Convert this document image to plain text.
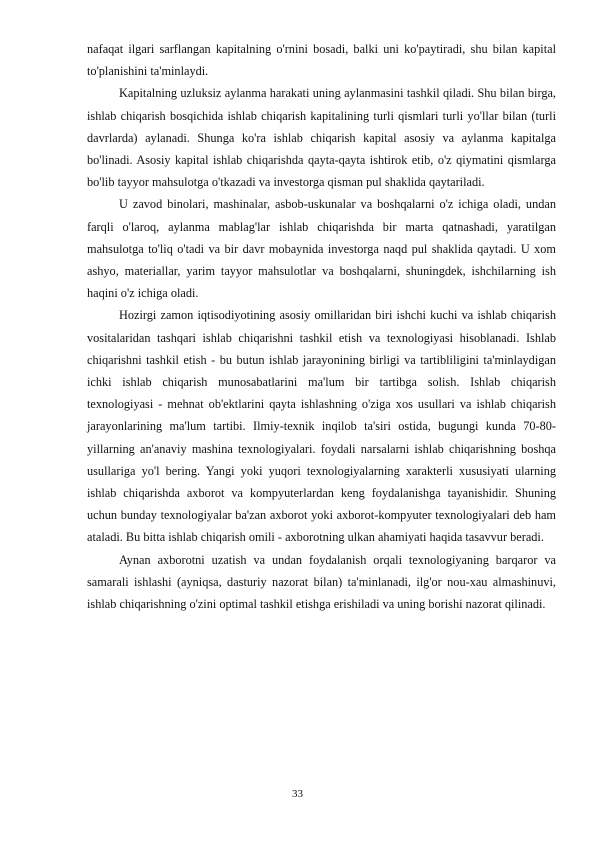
nafaqat ilgari sarflangan kapitalning o'rnini bosadi, balki uni ko'paytiradi, shu bilan kapital to'planishini ta'minlaydi.

Kapitalning uzluksiz aylanma harakati uning aylanmasini tashkil qiladi. Shu bilan birga, ishlab chiqarish bosqichida ishlab chiqarish kapitalining turli qismlari turli yo'llar bilan (turli davrlarda) aylanadi. Shunga ko'ra ishlab chiqarish kapital asosiy va aylanma kapitalga bo'linadi. Asosiy kapital ishlab chiqarishda qayta-qayta ishtirok etib, o'z qiymatini qismlarga bo'lib tayyor mahsulotga o'tkazadi va investorga qisman pul shaklida qaytariladi.

U zavod binolari, mashinalar, asbob-uskunalar va boshqalarni o'z ichiga oladi, undan farqli o'laroq, aylanma mablag'lar ishlab chiqarishda bir marta qatnashadi, yaratilgan mahsulotga to'liq o'tadi va bir davr mobaynida investorga naqd pul shaklida qaytadi. U xom ashyo, materiallar, yarim tayyor mahsulotlar va boshqalarni, shuningdek, ishchilarning ish haqini o'z ichiga oladi.

Hozirgi zamon iqtisodiyotining asosiy omillaridan biri ishchi kuchi va ishlab chiqarish vositalaridan tashqari ishlab chiqarishni tashkil etish va texnologiyasi hisoblanadi. Ishlab chiqarishni tashkil etish - bu butun ishlab jarayonining birligi va tartibliligini ta'minlaydigan ichki ishlab chiqarish munosabatlarini ma'lum bir tartibga solish. Ishlab chiqarish texnologiyasi - mehnat ob'ektlarini qayta ishlashning o'ziga xos usullari va ishlab chiqarish jarayonlarining ma'lum tartibi. Ilmiy-texnik inqilob ta'siri ostida, bugungi kunda 70-80-yillarning an'anaviy mashina texnologiyalari. foydali narsalarni ishlab chiqarishning boshqa usullariga yo'l bering. Yangi yoki yuqori texnologiyalarning xarakterli xususiyati ularning ishlab chiqarishda axborot va kompyuterlardan keng foydalanishga tayanishidir. Shuning uchun bunday texnologiyalar ba'zan axborot yoki axborot-kompyuter texnologiyalari deb ham ataladi. Bu bitta ishlab chiqarish omili - axborotning ulkan ahamiyati haqida tasavvur beradi.

Aynan axborotni uzatish va undan foydalanish orqali texnologiyaning barqaror va samarali ishlashi (ayniqsa, dasturiy nazorat bilan) ta'minlanadi, ilg'or nou-xau almashinuvi, ishlab chiqarishning o'zini optimal tashkil etishga erishiladi va uning borishi nazorat qilinadi.

33
